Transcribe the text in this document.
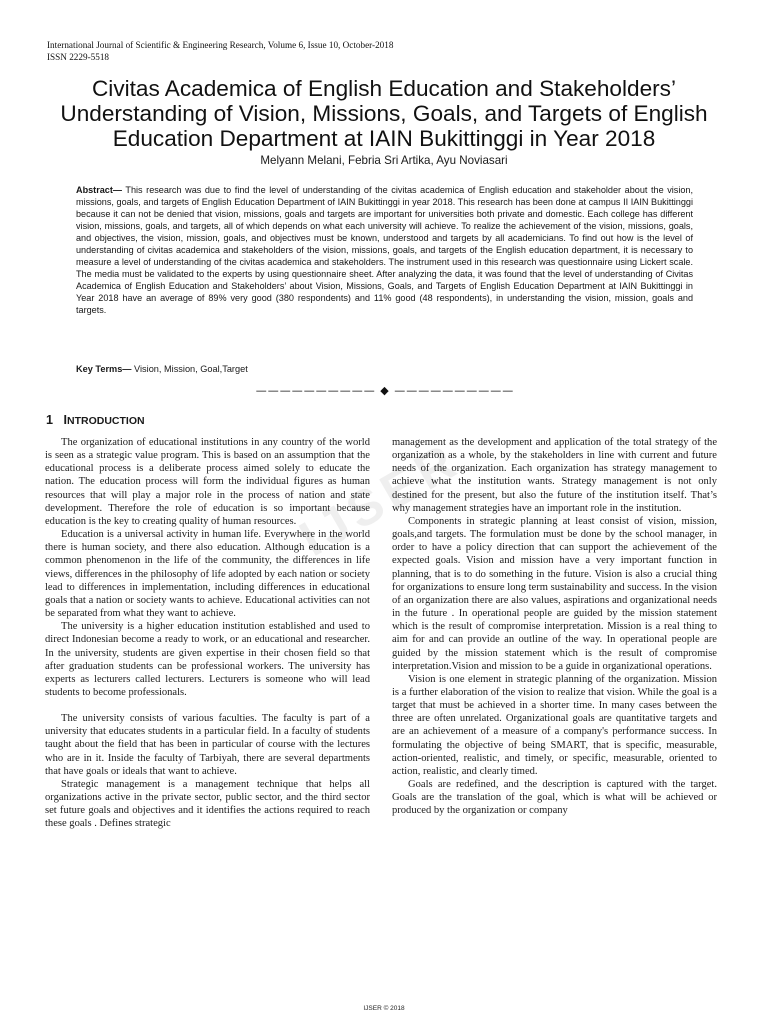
International Journal of Scientific & Engineering Research, Volume 6, Issue 10, October-2018
ISSN 2229-5518
Civitas Academica of English Education and Stakeholders’ Understanding of Vision, Missions, Goals, and Targets of English Education Department at IAIN Bukittinggi in Year 2018
Melyann Melani, Febria Sri Artika, Ayu Noviasari

Abstract— This research was due to find the level of understanding of the civitas academica of English education and stakeholder about the vision, missions, goals, and targets of English Education Department of IAIN Bukittinggi in year 2018. This research has been done at campus II IAIN Bukittinggi because it can not be denied that vision, missions, goals and targets are important for universities both private and domestic. Each college has different vision, missions, goals, and targets, all of which depends on what each university will achieve. To realize the achievement of the vision, missions, goals, and objectives, the vision, mission, goals, and objectives must be known, understood and targets by all academicians. To find out how is the level of understanding of civitas academica and stakeholders of the vision, missions, goals, and targets of the English education department, it is necessary to measure a level of understanding of the civitas academica and stakeholders. The instrument used in this research was questionnaire using Lickert scale. The media must be validated to the experts by using questionnaire sheet. After analyzing the data, it was found that the level of understanding of Civitas Academica of English Education and Stakeholders’ about Vision, Missions, Goals, and Targets of English Education Department at IAIN Bukittinggi in Year 2018 have an average of 89% very good (380 respondents) and 11% good (48 respondents), in understanding the vision, mission, goals and targets.

Key Terms— Vision, Mission, Goal,Target
—————————— ◆ ——————————
1 INTRODUCTION
IJSER

The organization of educational institutions in any country of the world is seen as a strategic value program. This is based on an assumption that the educational process is a deliberate process aimed solely to educate the nation. The education process will form the individual figures as human resources that will play a major role in the process of nation and state development. Therefore the role of education is so important because education is the key to creating quality of human resources.

Education is a universal activity in human life. Everywhere in the world there is human society, and there also education. Although education is a common phenomenon in the life of the community, the differences in life views, differences in the philosophy of life adopted by each nation or society lead to differences in implementation, including differences in educational goals that a nation or society wants to achieve. Educational activities can not be separated from what they want to achieve.

The university is a higher education institution established and used to direct Indonesian become a ready to work, or an educational and researcher. In the university, students are given expertise in their chosen field so that after graduation students can be professional workers. The university has experts as lecturers called lecturers. Lecturers is someone who will lead students to become professionals.

The university consists of various faculties. The faculty is part of a university that educates students in a particular field. In a faculty of students taught about the field that has been in particular of course with the lectures who are in it. Inside the faculty of Tarbiyah, there are several departments that have goals or ideals that want to achieve.

Strategic management is a management technique that helps all organizations active in the private sector, public sector, and the third sector set future goals and objectives and it identifies the actions required to reach these goals . Defines strategic

management as the development and application of the total strategy of the organization as a whole, by the stakeholders in line with current and future needs of the organization. Each organization has strategy management to achieve what the institution wants. Strategy management is not only destined for the present, but also the future of the institution itself. That’s why management strategies have an important role in the institution.

Components in strategic planning at least consist of vision, mission, goals,and targets. The formulation must be done by the school manager, in order to have a policy direction that can support the achievement of the expected goals. Vision and mission have a very important function in planning, that is to do something in the future. Vision is also a crucial thing for organizations to ensure long term sustainability and success. In the vision of an organization there are also values, aspirations and organizational needs in the future . In operational people are guided by the mission statement which is the result of compromise interpretation. Mission is a real thing to aim for and can provide an outline of the way. In operational people are guided by the mission statement which is the result of compromise interpretation.Vision and mission to be a guide in organizational operations.

Vision is one element in strategic planning of the organization. Mission is a further elaboration of the vision to realize that vision. While the goal is a target that must be achieved in a shorter time. In many cases between the three are often unrelated. Organizational goals are quantitative targets and are an achievement of a measure of a company's performance success. In formulating the objective of being SMART, that is specific, measurable, action-oriented, realistic, and timely, or specific, measurable, oriented to action, realistic, and clearly timed.

Goals are redefined, and the description is captured with the target. Goals are the translation of the goal, which is what will be achieved or produced by the organization or company

IJSER © 2018
